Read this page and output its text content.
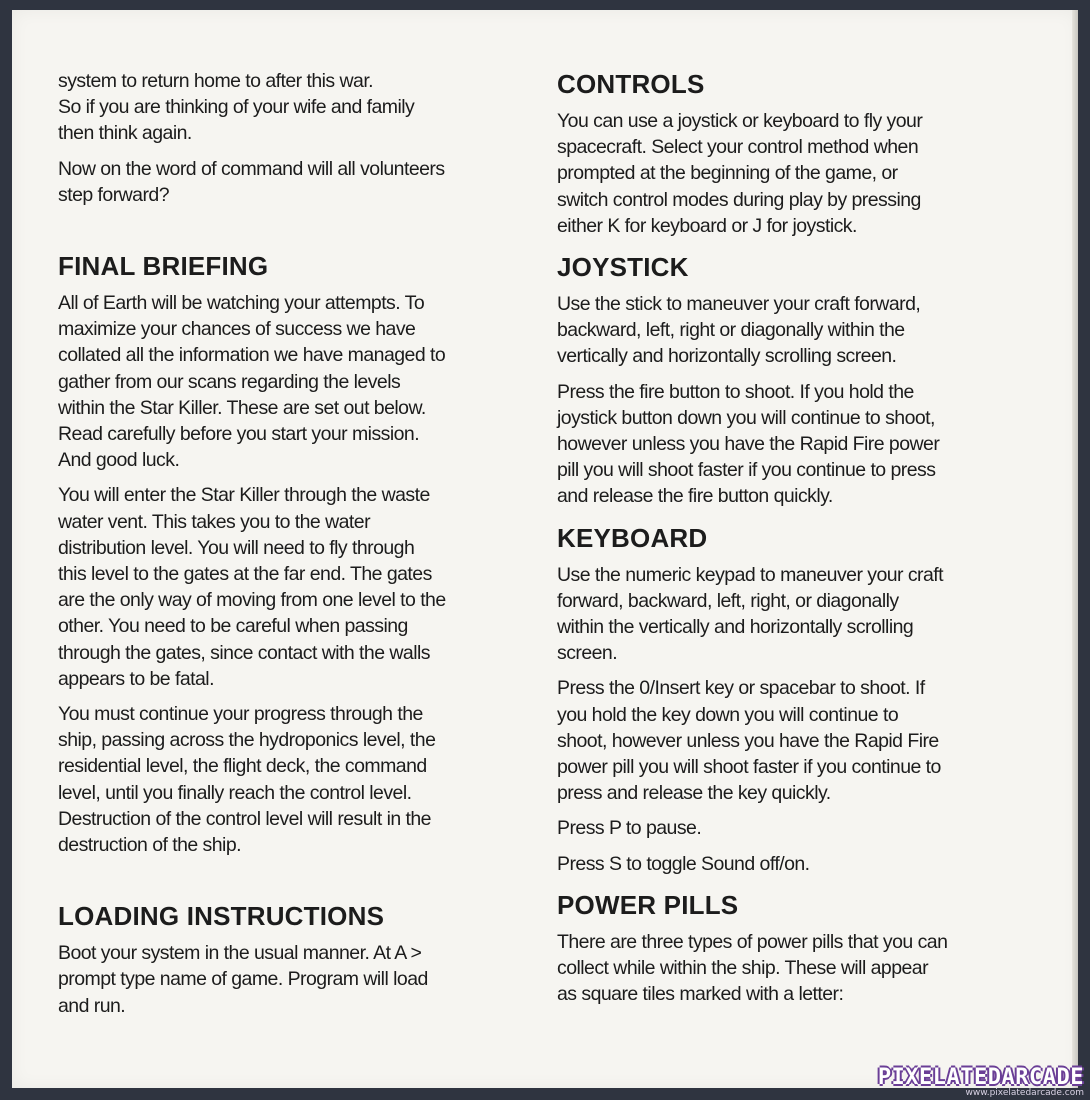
system to return home to after this war.
So if you are thinking of your wife and family
then think again.

Now on the word of command will all volunteers
step forward?

FINAL BRIEFING

All of Earth will be watching your attempts. To
maximize your chances of success we have
collated all the information we have managed to
gather from our scans regarding the levels
within the Star Killer. These are set out below.
Read carefully before you start your mission.
And good luck.

You will enter the Star Killer through the waste
water vent. This takes you to the water
distribution level. You will need to fly through
this level to the gates at the far end. The gates
are the only way of moving from one level to the
other. You need to be careful when passing
through the gates, since contact with the walls
appears to be fatal.

You must continue your progress through the
ship, passing across the hydroponics level, the
residential level, the flight deck, the command
level, until you finally reach the control level.
Destruction of the control level will result in the
destruction of the ship.

LOADING INSTRUCTIONS

Boot your system in the usual manner. At A >
prompt type name of game. Program will load
and run.

CONTROLS

You can use a joystick or keyboard to fly your
spacecraft. Select your control method when
prompted at the beginning of the game, or
switch control modes during play by pressing
either K for keyboard or J for joystick.

JOYSTICK

Use the stick to maneuver your craft forward,
backward, left, right or diagonally within the
vertically and horizontally scrolling screen.

Press the fire button to shoot. If you hold the
joystick button down you will continue to shoot,
however unless you have the Rapid Fire power
pill you will shoot faster if you continue to press
and release the fire button quickly.

KEYBOARD

Use the numeric keypad to maneuver your craft
forward, backward, left, right, or diagonally
within the vertically and horizontally scrolling
screen.

Press the 0/Insert key or spacebar to shoot. If
you hold the key down you will continue to
shoot, however unless you have the Rapid Fire
power pill you will shoot faster if you continue to
press and release the key quickly.

Press P to pause.

Press S to toggle Sound off/on.

POWER PILLS

There are three types of power pills that you can
collect while within the ship. These will appear
as square tiles marked with a letter:

PIXELATEDARCADE
www.pixelatedarcade.com
